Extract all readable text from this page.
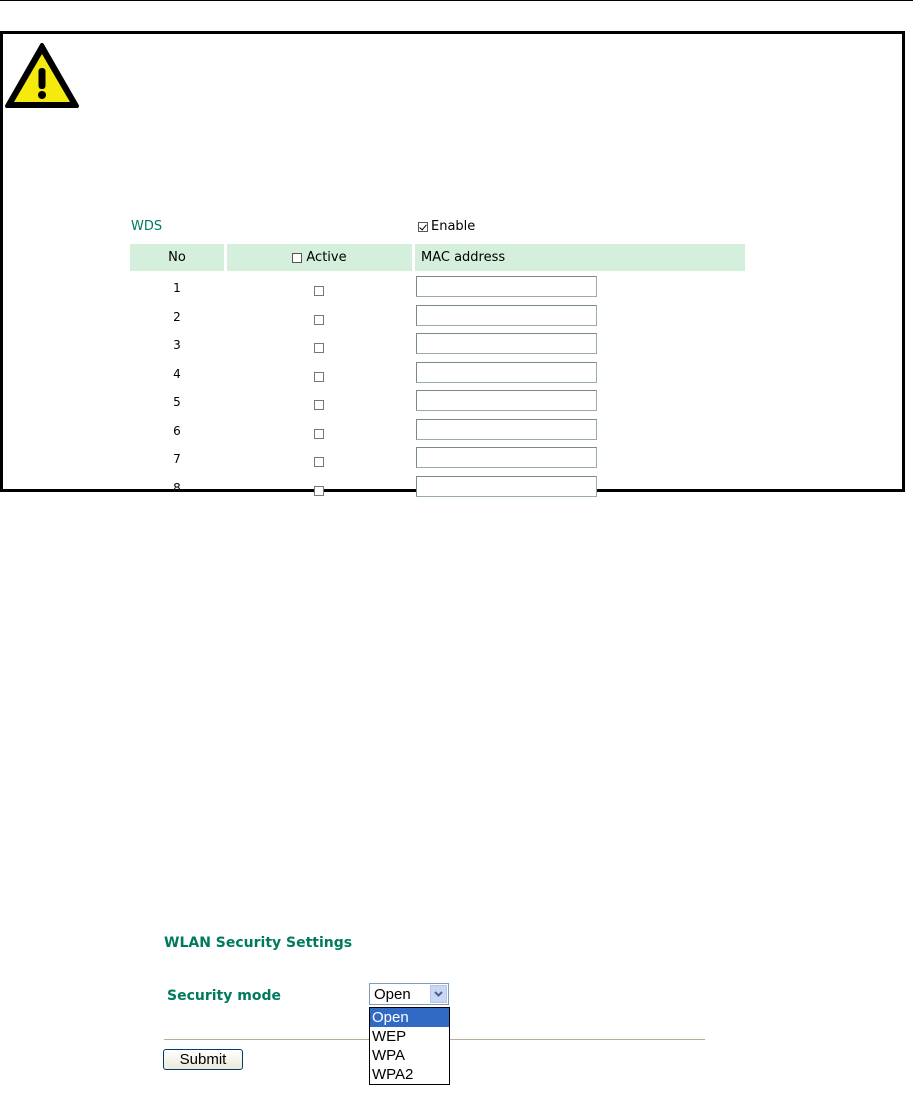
WDS	Enable
No	Active	MAC address
1
2
3
4
5
6
7
8
WLAN Security Settings
Security mode	Open
Submit
Open
WEP
WPA
WPA2
